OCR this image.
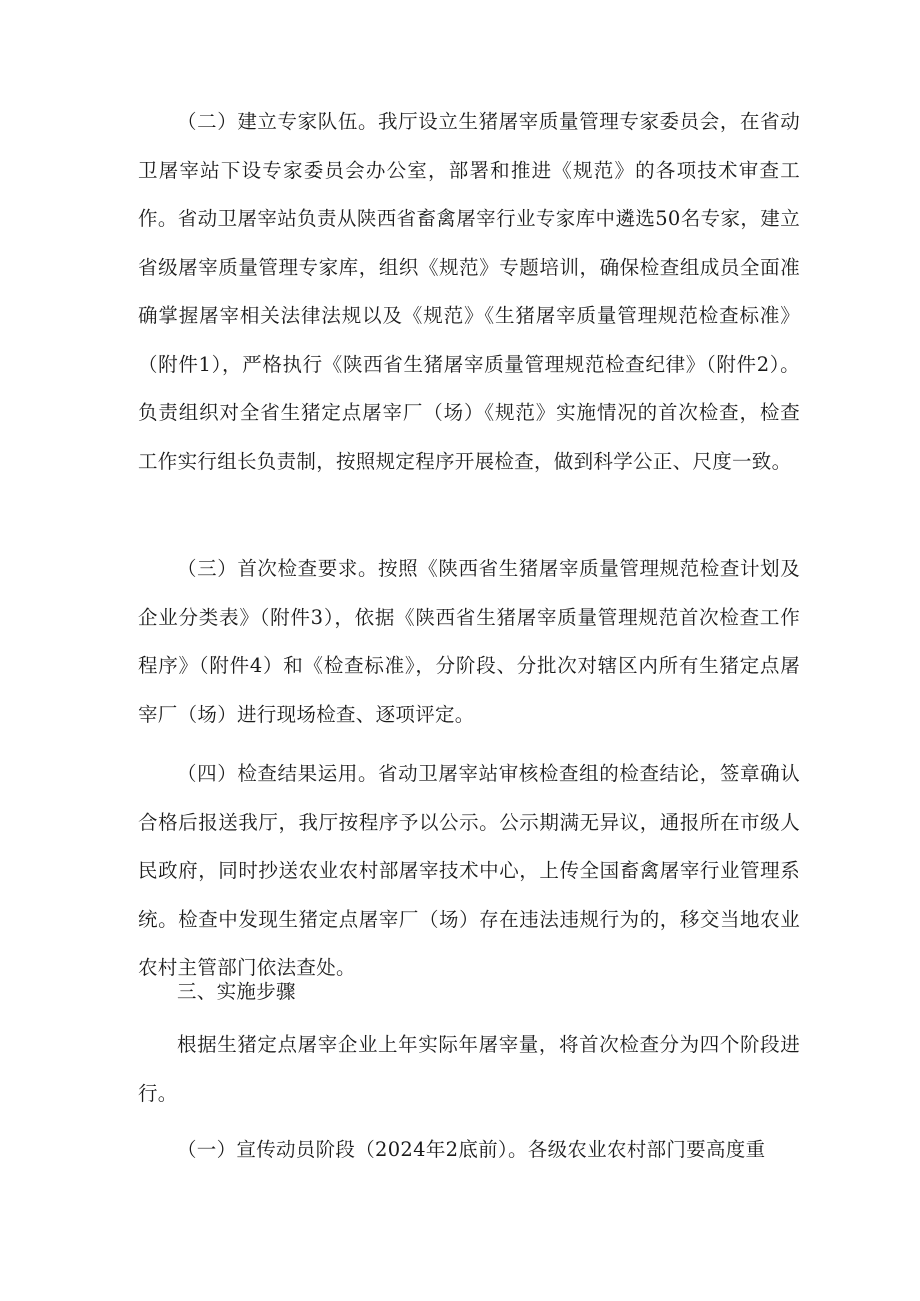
（二）建立专家队伍。我厅设立生猪屠宰质量管理专家委员会，在省动卫屠宰站下设专家委员会办公室，部署和推进《规范》的各项技术审查工作。省动卫屠宰站负责从陕西省畜禽屠宰行业专家库中遴选50名专家，建立省级屠宰质量管理专家库，组织《规范》专题培训，确保检查组成员全面准确掌握屠宰相关法律法规以及《规范》《生猪屠宰质量管理规范检查标准》（附件1），严格执行《陕西省生猪屠宰质量管理规范检查纪律》（附件2）。负责组织对全省生猪定点屠宰厂（场）《规范》实施情况的首次检查，检查工作实行组长负责制，按照规定程序开展检查，做到科学公正、尺度一致。

（三）首次检查要求。按照《陕西省生猪屠宰质量管理规范检查计划及企业分类表》（附件3），依据《陕西省生猪屠宰质量管理规范首次检查工作程序》（附件4）和《检查标准》，分阶段、分批次对辖区内所有生猪定点屠宰厂（场）进行现场检查、逐项评定。

（四）检查结果运用。省动卫屠宰站审核检查组的检查结论，签章确认合格后报送我厅，我厅按程序予以公示。公示期满无异议，通报所在市级人民政府，同时抄送农业农村部屠宰技术中心，上传全国畜禽屠宰行业管理系统。检查中发现生猪定点屠宰厂（场）存在违法违规行为的，移交当地农业农村主管部门依法查处。

三、实施步骤

根据生猪定点屠宰企业上年实际年屠宰量，将首次检查分为四个阶段进行。

（一）宣传动员阶段（2024年2底前）。各级农业农村部门要高度重
